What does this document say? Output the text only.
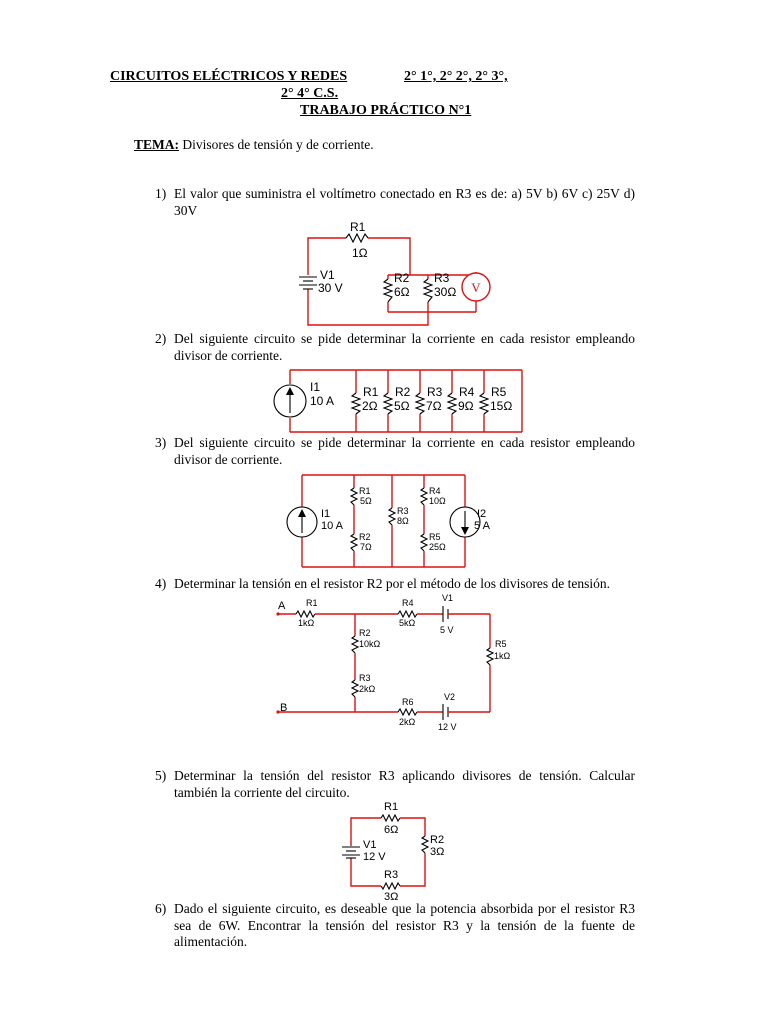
CIRCUITOS ELÉCTRICOS Y REDES	2° 1°, 2° 2°, 2° 3°,
2° 4° C.S.
TRABAJO PRÁCTICO N°1
TEMA: Divisores de tensión y de corriente.
1) El valor que suministra el voltímetro conectado en R3 es de: a) 5V b) 6V c) 25V d) 30V
V
R1
1Ω
V1
30 V
R2
6Ω
R3
30Ω
2) Del siguiente circuito se pide determinar la corriente en cada resistor empleando divisor de corriente.
I1
10 A
R1
2Ω
R2
5Ω
R3
7Ω
R4
9Ω
R5
15Ω
3) Del siguiente circuito se pide determinar la corriente en cada resistor empleando divisor de corriente.
I1
10 A
I2
5 A
R1
5Ω
R2
7Ω
R3
8Ω
R4
10Ω
R5
25Ω
4) Determinar la tensión en el resistor R2 por el método de los divisores de tensión.
A
B
R1
1kΩ
R4
5kΩ
V1
5 V
R5
1kΩ
R2
10kΩ
R3
2kΩ
R6
2kΩ
V2
12 V
5) Determinar la tensión del resistor R3 aplicando divisores de tensión. Calcular también la corriente del circuito.
R1
6Ω
R2
3Ω
R3
3Ω
V1
12 V
6) Dado el siguiente circuito, es deseable que la potencia absorbida por el resistor R3 sea de 6W. Encontrar la tensión del resistor R3 y la tensión de la fuente de alimentación.
